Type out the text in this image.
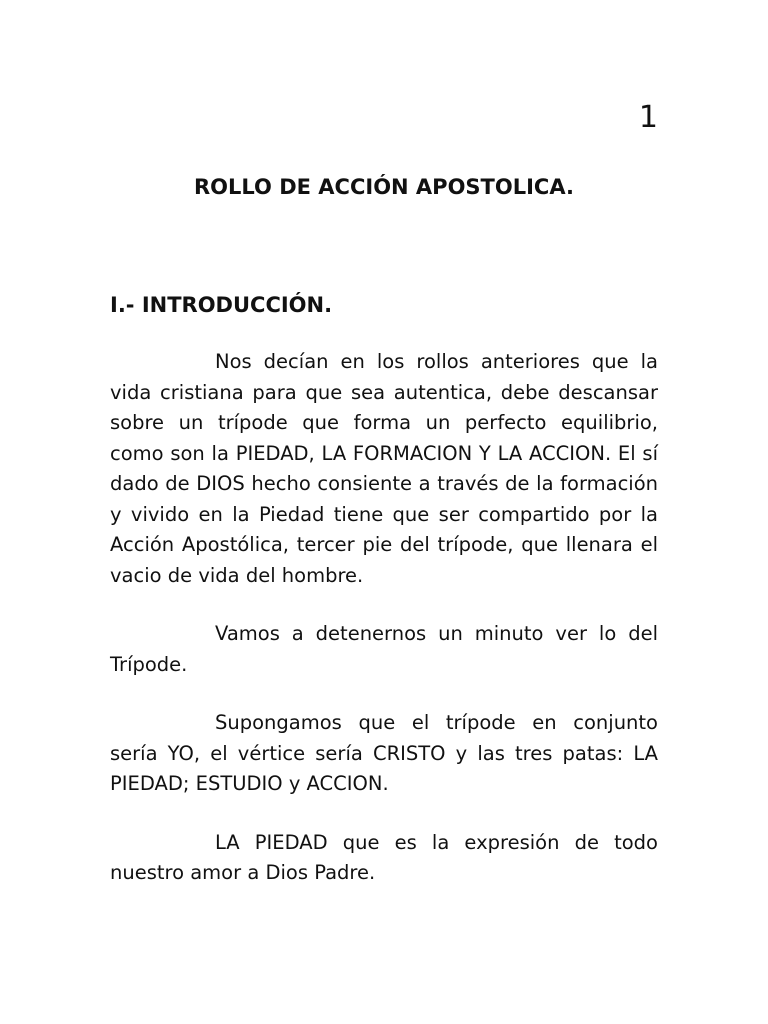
1
ROLLO DE ACCIÓN APOSTOLICA.
I.- INTRODUCCIÓN.

Nos decían en los rollos anteriores que la vida cristiana para que sea autentica, debe descansar sobre un trípode que forma un perfecto equilibrio, como son la PIEDAD, LA FORMACION Y LA ACCION. El sí dado de DIOS hecho consiente a través de la formación y vivido en la Piedad tiene que ser compartido por la Acción Apostólica, tercer pie del trípode, que llenara el vacio de vida del hombre.

Vamos a detenernos un minuto ver lo del Trípode.

Supongamos que el trípode en conjunto sería YO, el vértice sería CRISTO y las tres patas: LA PIEDAD; ESTUDIO y ACCION.

LA PIEDAD que es la expresión de todo nuestro amor a Dios Padre.
